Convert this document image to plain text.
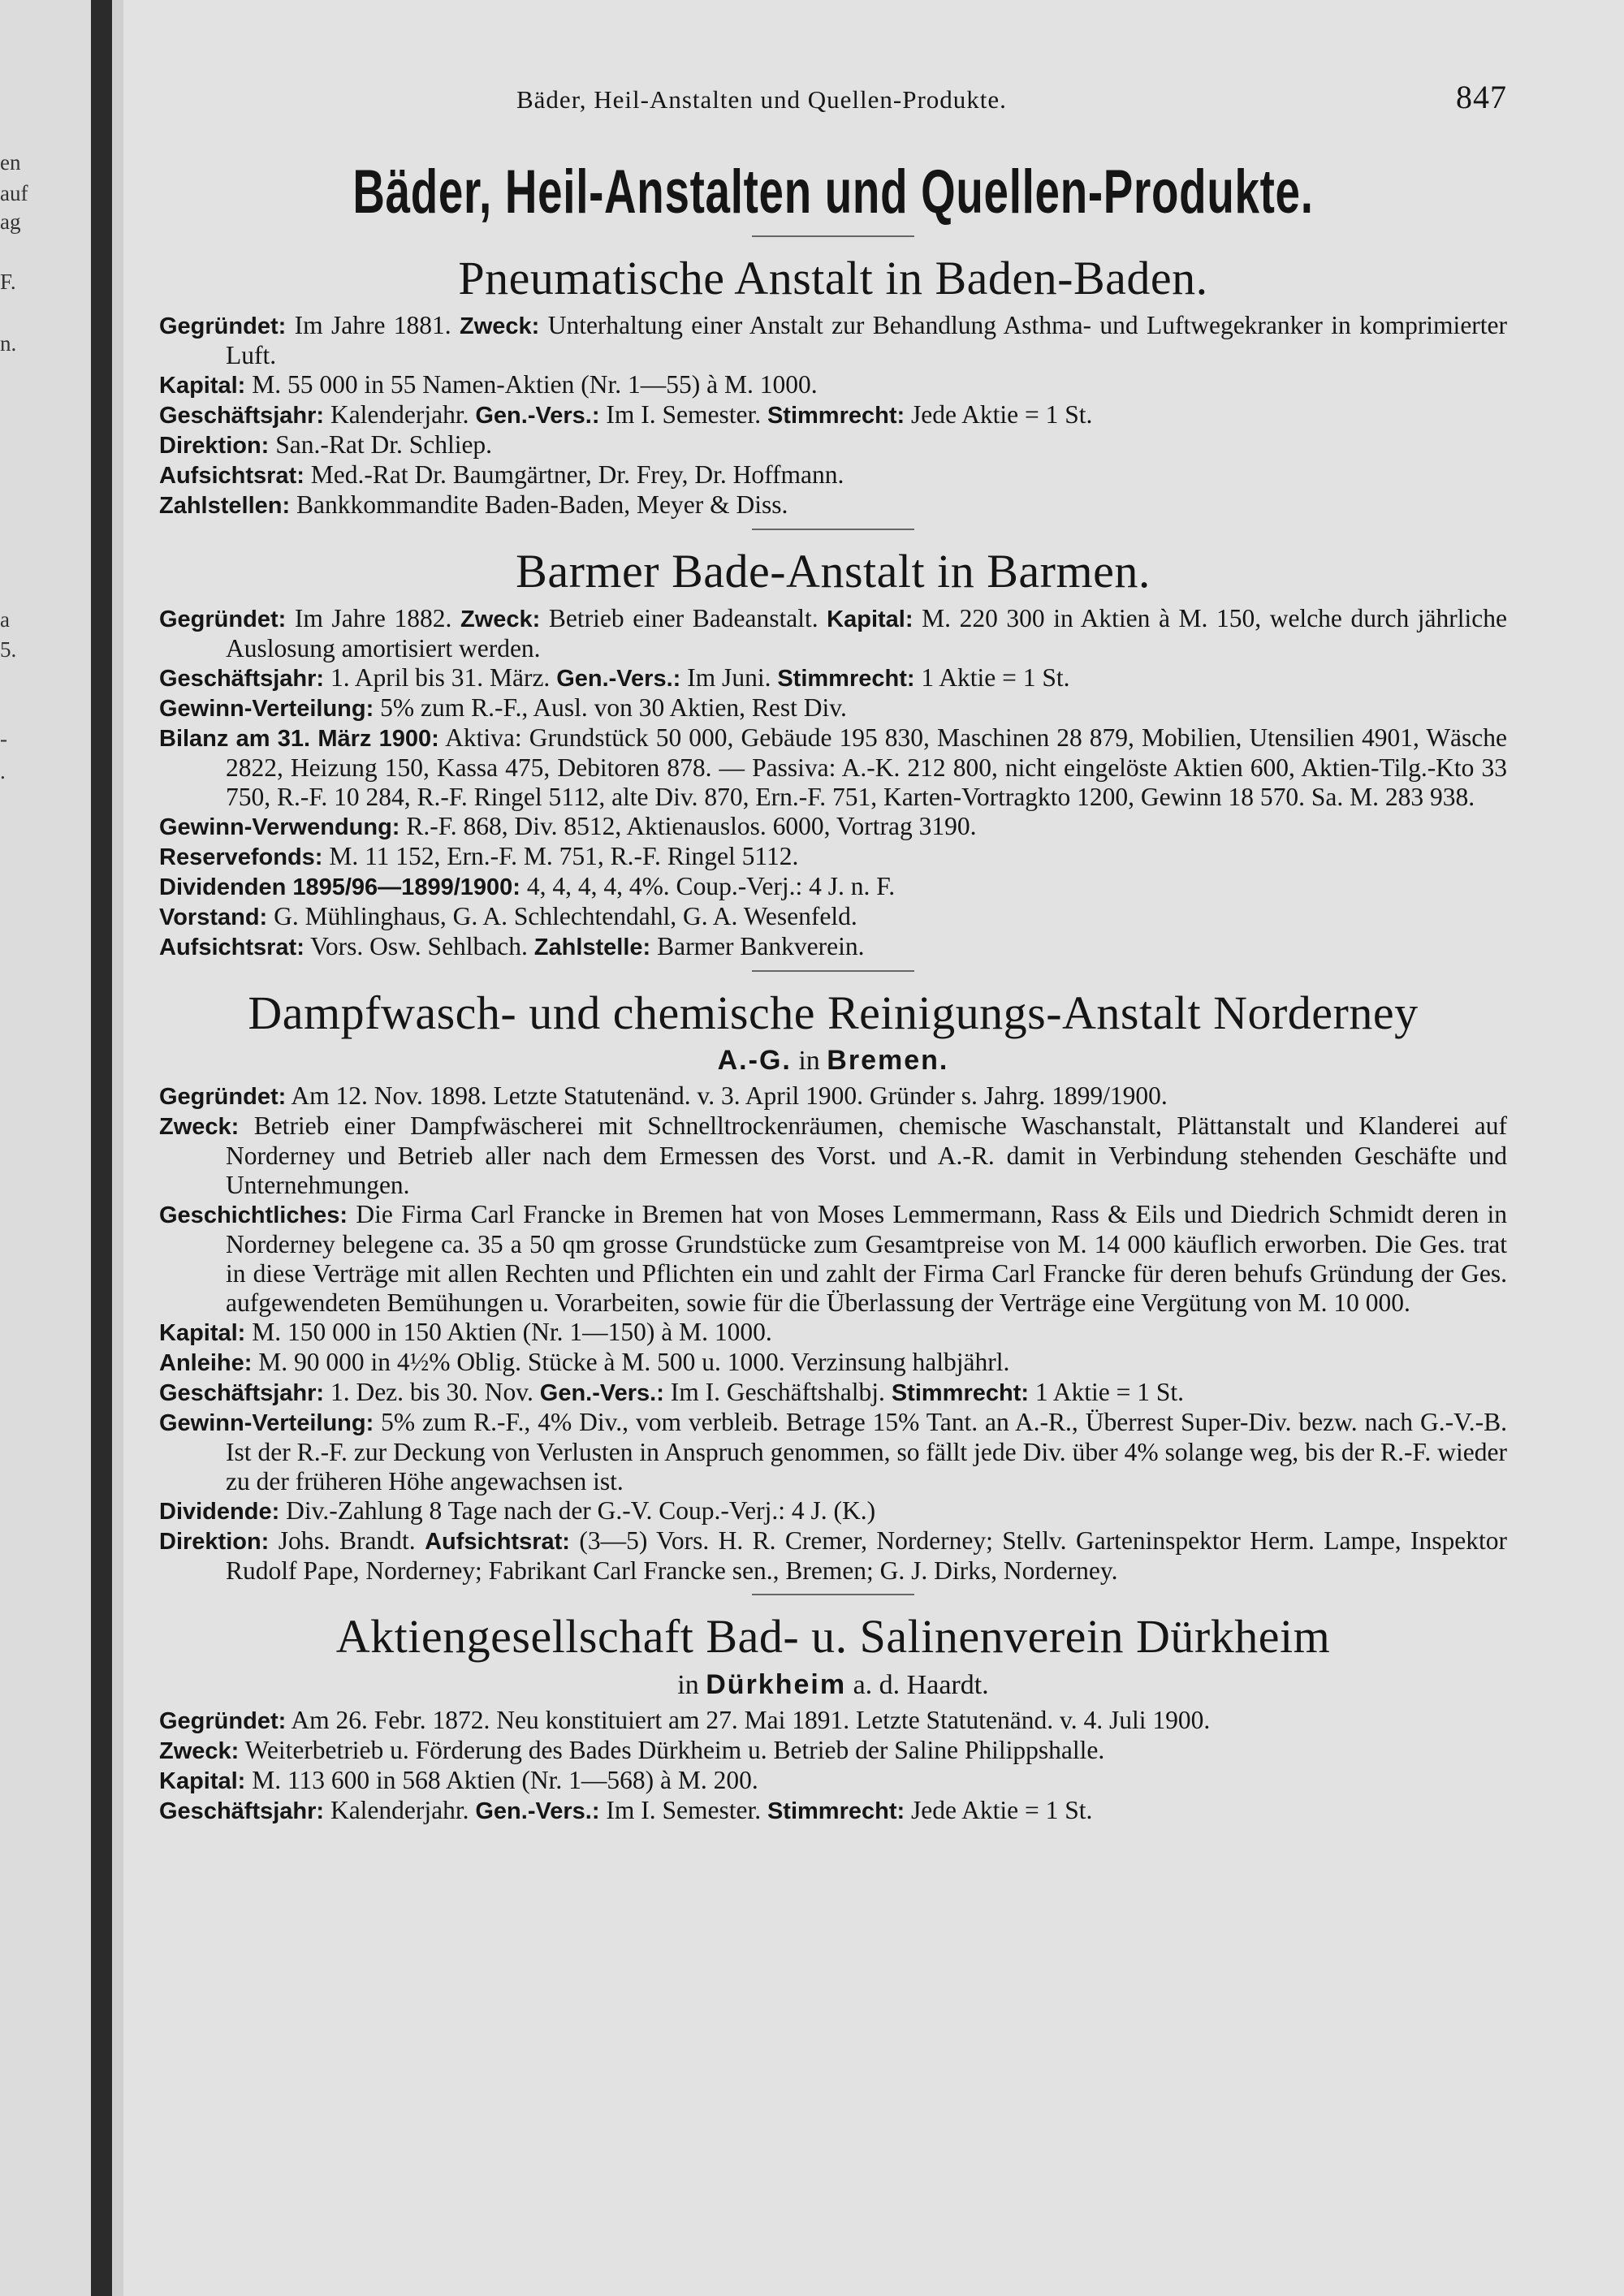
en
auf
ag
F.
n.
a
5.
-
.
Bäder, Heil-Anstalten und Quellen-Produkte.	847
Bäder, Heil-Anstalten und Quellen-Produkte.
Pneumatische Anstalt in Baden-Baden.

Gegründet: Im Jahre 1881. Zweck: Unterhaltung einer Anstalt zur Behandlung Asthma- und Luftwegekranker in komprimierter Luft.

Kapital: M. 55 000 in 55 Namen-Aktien (Nr. 1—55) à M. 1000.

Geschäftsjahr: Kalenderjahr. Gen.-Vers.: Im I. Semester. Stimmrecht: Jede Aktie = 1 St.

Direktion: San.-Rat Dr. Schliep.

Aufsichtsrat: Med.-Rat Dr. Baumgärtner, Dr. Frey, Dr. Hoffmann.

Zahlstellen: Bankkommandite Baden-Baden, Meyer & Diss.

Barmer Bade-Anstalt in Barmen.

Gegründet: Im Jahre 1882. Zweck: Betrieb einer Badeanstalt. Kapital: M. 220 300 in Aktien à M. 150, welche durch jährliche Auslosung amortisiert werden.

Geschäftsjahr: 1. April bis 31. März. Gen.-Vers.: Im Juni. Stimmrecht: 1 Aktie = 1 St.

Gewinn-Verteilung: 5% zum R.-F., Ausl. von 30 Aktien, Rest Div.

Bilanz am 31. März 1900: Aktiva: Grundstück 50 000, Gebäude 195 830, Maschinen 28 879, Mobilien, Utensilien 4901, Wäsche 2822, Heizung 150, Kassa 475, Debitoren 878. — Passiva: A.-K. 212 800, nicht eingelöste Aktien 600, Aktien-Tilg.-Kto 33 750, R.-F. 10 284, R.-F. Ringel 5112, alte Div. 870, Ern.-F. 751, Karten-Vortragkto 1200, Gewinn 18 570. Sa. M. 283 938.

Gewinn-Verwendung: R.-F. 868, Div. 8512, Aktienauslos. 6000, Vortrag 3190.

Reservefonds: M. 11 152, Ern.-F. M. 751, R.-F. Ringel 5112.

Dividenden 1895/96—1899/1900: 4, 4, 4, 4, 4%. Coup.-Verj.: 4 J. n. F.

Vorstand: G. Mühlinghaus, G. A. Schlechtendahl, G. A. Wesenfeld.

Aufsichtsrat: Vors. Osw. Sehlbach. Zahlstelle: Barmer Bankverein.

Dampfwasch- und chemische Reinigungs-Anstalt Norderney
A.-G. in Bremen.

Gegründet: Am 12. Nov. 1898. Letzte Statutenänd. v. 3. April 1900. Gründer s. Jahrg. 1899/1900.

Zweck: Betrieb einer Dampfwäscherei mit Schnelltrockenräumen, chemische Waschanstalt, Plättanstalt und Klanderei auf Norderney und Betrieb aller nach dem Ermessen des Vorst. und A.-R. damit in Verbindung stehenden Geschäfte und Unternehmungen.

Geschichtliches: Die Firma Carl Francke in Bremen hat von Moses Lemmermann, Rass & Eils und Diedrich Schmidt deren in Norderney belegene ca. 35 a 50 qm grosse Grundstücke zum Gesamtpreise von M. 14 000 käuflich erworben. Die Ges. trat in diese Verträge mit allen Rechten und Pflichten ein und zahlt der Firma Carl Francke für deren behufs Gründung der Ges. aufgewendeten Bemühungen u. Vorarbeiten, sowie für die Überlassung der Verträge eine Vergütung von M. 10 000.

Kapital: M. 150 000 in 150 Aktien (Nr. 1—150) à M. 1000.

Anleihe: M. 90 000 in 4½% Oblig. Stücke à M. 500 u. 1000. Verzinsung halbjährl.

Geschäftsjahr: 1. Dez. bis 30. Nov. Gen.-Vers.: Im I. Geschäftshalbj. Stimmrecht: 1 Aktie = 1 St.

Gewinn-Verteilung: 5% zum R.-F., 4% Div., vom verbleib. Betrage 15% Tant. an A.-R., Überrest Super-Div. bezw. nach G.-V.-B. Ist der R.-F. zur Deckung von Verlusten in Anspruch genommen, so fällt jede Div. über 4% solange weg, bis der R.-F. wieder zu der früheren Höhe angewachsen ist.

Dividende: Div.-Zahlung 8 Tage nach der G.-V. Coup.-Verj.: 4 J. (K.)

Direktion: Johs. Brandt. Aufsichtsrat: (3—5) Vors. H. R. Cremer, Norderney; Stellv. Garteninspektor Herm. Lampe, Inspektor Rudolf Pape, Norderney; Fabrikant Carl Francke sen., Bremen; G. J. Dirks, Norderney.

Aktiengesellschaft Bad- u. Salinenverein Dürkheim
in Dürkheim a. d. Haardt.

Gegründet: Am 26. Febr. 1872. Neu konstituiert am 27. Mai 1891. Letzte Statutenänd. v. 4. Juli 1900.

Zweck: Weiterbetrieb u. Förderung des Bades Dürkheim u. Betrieb der Saline Philippshalle.

Kapital: M. 113 600 in 568 Aktien (Nr. 1—568) à M. 200.

Geschäftsjahr: Kalenderjahr. Gen.-Vers.: Im I. Semester. Stimmrecht: Jede Aktie = 1 St.
